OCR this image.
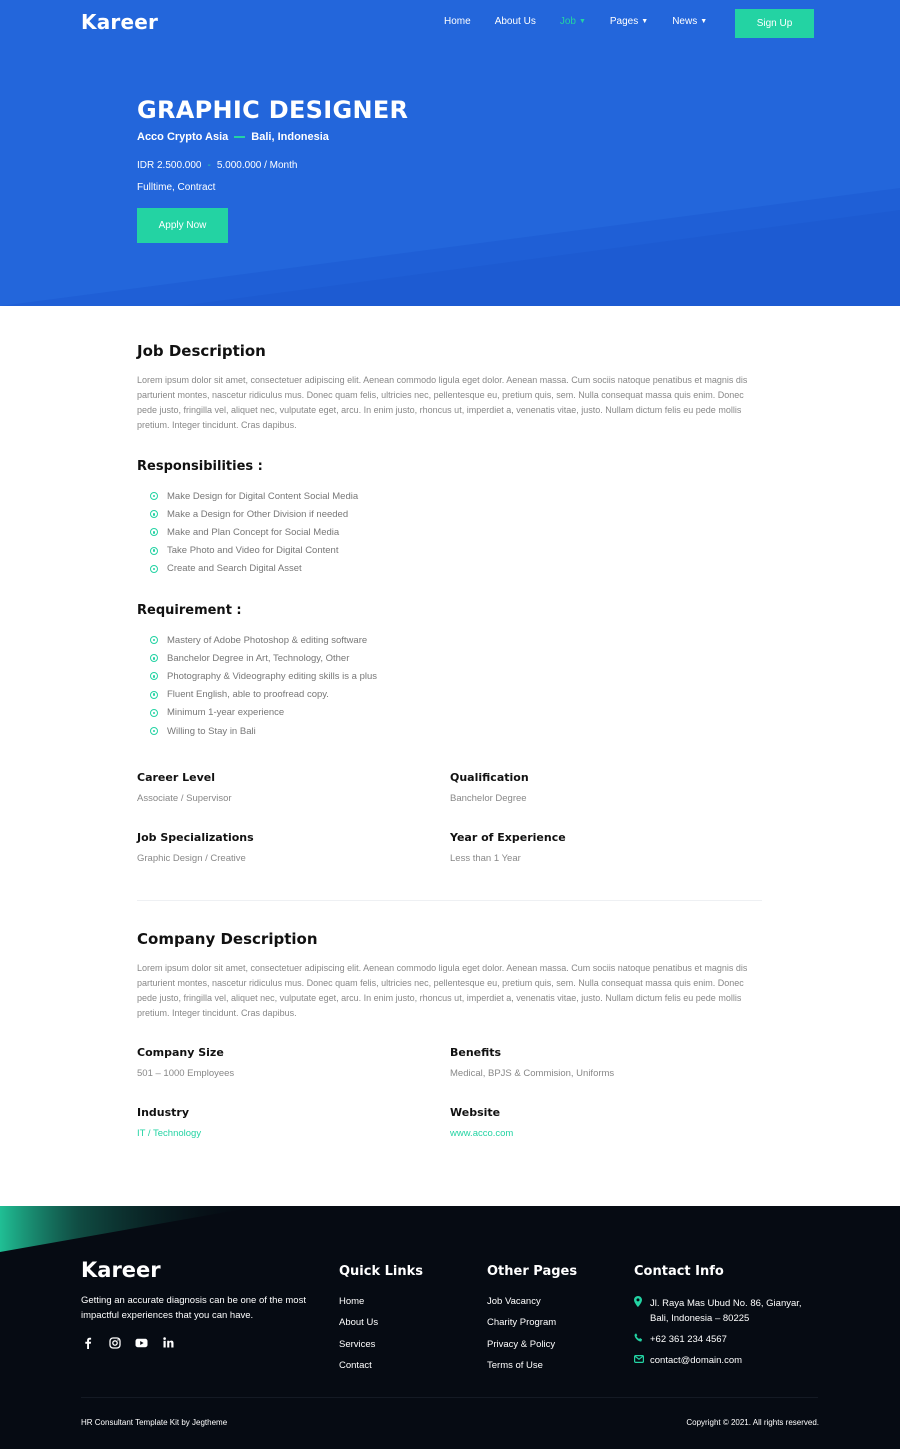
Kareer	Home About Us Job ▼ Pages ▼ News ▼	Sign Up
GRAPHIC DESIGNER
Acco Crypto Asia Bali, Indonesia
IDR 2.500.000 - 5.000.000 / Month
Fulltime, Contract
Apply Now
Job Description

Lorem ipsum dolor sit amet, consectetuer adipiscing elit. Aenean commodo ligula eget dolor. Aenean massa. Cum sociis natoque penatibus et magnis dis parturient montes, nascetur ridiculus mus. Donec quam felis, ultricies nec, pellentesque eu, pretium quis, sem. Nulla consequat massa quis enim. Donec pede justo, fringilla vel, aliquet nec, vulputate eget, arcu. In enim justo, rhoncus ut, imperdiet a, venenatis vitae, justo. Nullam dictum felis eu pede mollis pretium. Integer tincidunt. Cras dapibus.

Responsibilities :
Make Design for Digital Content Social Media
Make a Design for Other Division if needed
Make and Plan Concept for Social Media
Take Photo and Video for Digital Content
Create and Search Digital Asset
Requirement :
Mastery of Adobe Photoshop & editing software
Banchelor Degree in Art, Technology, Other
Photography & Videography editing skills is a plus
Fluent English, able to proofread copy.
Minimum 1-year experience
Willing to Stay in Bali
Career Level
Associate / Supervisor
Qualification
Banchelor Degree
Job Specializations
Graphic Design / Creative
Year of Experience
Less than 1 Year
Company Description

Lorem ipsum dolor sit amet, consectetuer adipiscing elit. Aenean commodo ligula eget dolor. Aenean massa. Cum sociis natoque penatibus et magnis dis parturient montes, nascetur ridiculus mus. Donec quam felis, ultricies nec, pellentesque eu, pretium quis, sem. Nulla consequat massa quis enim. Donec pede justo, fringilla vel, aliquet nec, vulputate eget, arcu. In enim justo, rhoncus ut, imperdiet a, venenatis vitae, justo. Nullam dictum felis eu pede mollis pretium. Integer tincidunt. Cras dapibus.

Company Size
501 – 1000 Employees
Benefits
Medical, BPJS & Commision, Uniforms
Industry
IT / Technology
Website
www.acco.com
Kareer

Getting an accurate diagnosis can be one of the most impactful experiences that you can have.

Quick Links
Home
About Us
Services
Contact
Other Pages
Job Vacancy
Charity Program
Privacy & Policy
Terms of Use
Contact Info
Jl. Raya Mas Ubud No. 86, Gianyar,
Bali, Indonesia – 80225
+62 361 234 4567
contact@domain.com
HR Consultant Template Kit by Jegtheme	Copyright © 2021. All rights reserved.
